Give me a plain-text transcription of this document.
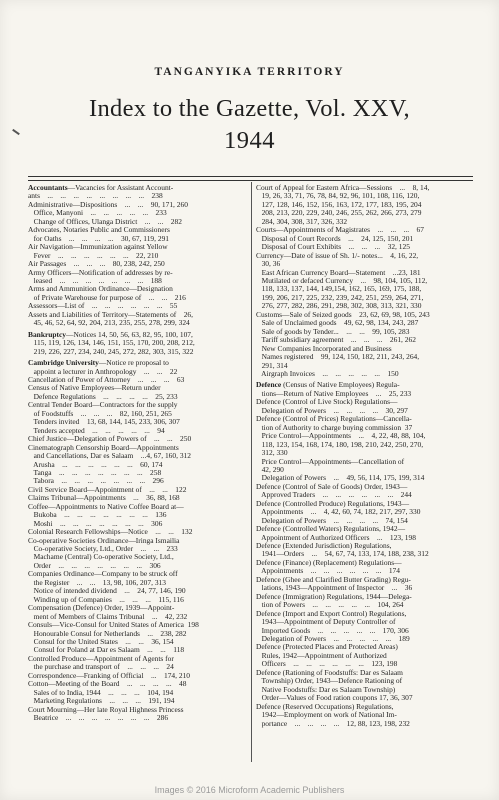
TANGANYIKA TERRITORY
Index to the Gazette, Vol. XXV,
1944
Accountants—Vacancies for Assistant Account-
ants    ...    ...    ...    ...    ...    ...    ...    ...    238
Administrative—Dispositions    ...    ...    90, 171, 260
Office, Manyoni    ...    ...    ...    ...    ...    233
Change of Offices, Ulanga District    ...    ...    282
Advocates, Notaries Public and Commissioners
for Oaths    ...    ...    ...    ...    30, 67, 119, 291
Air Navigation—Immunization against Yellow
Fever    ...    ...    ...    ...    ...    ...    22, 210
Air Passages    ...    ...    ...    80, 238, 242, 250
Army Officers—Notification of addresses by re-
leased    ...    ...    ...    ...    ...    ...    ...    188
Arms and Ammunition Ordinance—Designation
of Private Warehouse for purpose of    ...    ...    216
Assessors—List of    ...    ...    ...    ...    ...    ...    55
Assets and Liabilities of Territory—Statements of    26,
45, 46, 52, 64, 92, 204, 213, 235, 255, 278, 299, 324
Bankruptcy—Notices 14, 50, 56, 63, 82, 95, 100, 107,
115, 119, 126, 134, 146, 151, 155, 170, 200, 208, 212,
219, 226, 227, 234, 240, 245, 272, 282, 303, 315, 322
Cambridge University—Notice re proposal to
appoint a lecturer in Anthropology    ...    ...    22
Cancellation of Power of Attorney    ...    ...    ...    63
Census of Native Employees—Return under
Defence Regulations    ...    ...    ...    ...    25, 233
Central Tender Board—Contractors for the supply
of Foodstuffs    ...    ...    ...    82, 160, 251, 265
Tenders invited    13, 68, 144, 145, 233, 306, 307
Tenders accepted    ...    ...    ...    ...    ...    94
Chief Justice—Delegation of Powers of    ...    ...    250
Cinematograph Censorship Board—Appointments
and Cancellations, Dar es Salaam    ...4, 67, 160, 312
Arusha    ...    ...    ...    ...    ...    ...    60, 174
Tanga    ...    ...    ...    ...    ...    ...    ...    258
Tabora    ...    ...    ...    ...    ...    ...    ...    296
Civil Service Board—Appointment of    ...    ...    122
Claims Tribunal—Appointments    ...    36, 88, 168
Coffee—Appointments to Native Coffee Board at—
Bukoba    ...    ...    ...    ...    ...    ...    ...    136
Moshi    ...    ...    ...    ...    ...    ...    ...    306
Colonial Research Fellowships—Notice    ...    ...    132
Co-operative Societies Ordinance—Iringa Ismailia
Co-operative Society, Ltd., Order    ...    ...    233
Machame (Central) Co-operative Society, Ltd.,
Order    ...    ...    ...    ...    ...    ...    ...    306
Companies Ordinance—Company to be struck off
the Register    ...    ...    13, 98, 106, 207, 313
Notice of intended dividend    ...    24, 77, 146, 190
Winding up of Companies    ...    ...    ...    115, 116
Compensation (Defence) Order, 1939—Appoint-
ment of Members of Claims Tribunal    ...    42, 232
Consuls—Vice-Consul for United States of America  198
Honourable Consul for Netherlands    ...    238, 282
Consul for the United States    ...    ...    36, 154
Consul for Poland at Dar es Salaam    ...    ...    118
Controlled Produce—Appointment of Agents for
the purchase and transport of    ...    ...    ...    24
Correspondence—Franking of Official    ...    174, 210
Cotton—Meeting of the Board    ...    ...    ...    ...    48
Sales of to India, 1944    ...    ...    ...    104, 194
Marketing Regulations    ...    ...    ...    191, 194
Court Mourning—Her late Royal Highness Princess
Beatrice    ...    ...    ...    ...    ...    ...    ...    286
Court of Appeal for Eastern Africa—Sessions    ...    8, 14,
19, 26, 33, 71, 76, 78, 84, 92, 96, 101, 108, 116, 120,
127, 128, 146, 152, 156, 163, 172, 177, 183, 195, 204
208, 213, 220, 229, 240, 246, 255, 262, 266, 273, 279
284, 304, 308, 317, 326, 332
Courts—Appointments of Magistrates    ...    ...    ...    67
Disposal of Court Records    ...    24, 125, 150, 201
Disposal of Court Exhibits    ...    ...    ...    32, 125
Currency—Date of issue of Sh. 1/- notes...    4, 16, 22,
30, 36
East African Currency Board—Statement    ...23, 181
Mutilated or defaced Currency    ...    98, 104, 105, 112,
118, 133, 137, 144, 149,154, 162, 165, 169, 175, 188,
199, 206, 217, 225, 232, 239, 242, 251, 259, 264, 271,
276, 277, 282, 286, 291, 298, 302, 308, 313, 321, 330
Customs—Sale of Seized goods    23, 62, 69, 98, 105, 243
Sale of Unclaimed goods    49, 62, 98, 134, 243, 287
Sale of goods by Tender...    ...    ...    99, 105, 283
Tariff subsidiary agreement    ...    ...    ...    261, 262
New Companies Incorporated and Business
Names registered    99, 124, 150, 182, 211, 243, 264,
291, 314
Airgraph Invoices    ...    ...    ...    ...    ...    150
Defence (Census of Native Employees) Regula-
tions—Return of Native Employees    ...    25, 233
Defence (Control of Live Stock) Regulations—
Delegation of Powers    ...    ...    ...    ...    30, 297
Defence (Control of Prices) Regulations—Cancella-
tion of Authority to charge buying commission  37
Price Control—Appointments    ...    4, 22, 48, 88, 104,
118, 123, 154, 168, 174, 180, 198, 210, 242, 250, 270,
312, 330
Price Control—Appointments—Cancellation of
42, 290
Delegation of Powers    ...    49, 56, 114, 175, 199, 314
Defence (Control of Sale of Goods) Order, 1943—
Approved Traders    ...    ...    ...    ...    ...    ...    244
Defence (Controlled Produce) Regulations, 1943—
Appointments    ...    4, 42, 60, 74, 182, 217, 297, 330
Delegation of Powers    ...    ...    ...    ...    74, 154
Defence (Controlled Waters) Regulations, 1942—
Appointment of Authorized Officers    ...    123, 198
Defence (Extended Jurisdiction) Regulations,
1941—Orders    ...    54, 67, 74, 133, 174, 188, 238, 312
Defence (Finance) (Replacement) Regulations—
Appointments    ...    ...    ...    ...    ...    ...    174
Defence (Ghee and Clarified Butter Grading) Regu-
lations, 1943—Appointment of Inspector    ...    36
Defence (Immigration) Regulations, 1944—Delega-
tion of Powers    ...    ...    ...    ...    ...    104, 264
Defence (Import and Export Control) Regulations,
1943—Appointment of Deputy Controller of
Imported Goods    ...    ...    ...    ...    ...    170, 306
Delegation of Powers    ...    ...    ...    ...    ...    189
Defence (Protected Places and Protected Areas)
Rules, 1942—Appointment of Authorized
Officers    ...    ...    ...    ...    ...    ...    123, 198
Defence (Rationing of Foodstuffs: Dar es Salaam
Township) Order, 1943—Defence Rationing of
Native Foodstuffs: Dar es Salaam Township)
Order—Values of Food ration coupons 17, 36, 307
Defence (Reserved Occupations) Regulations,
1942—Employment on work of National Im-
portance    ...    ...    ...    ...    12, 88, 123, 198, 232
Images © 2016 Microform Academic Publishers
